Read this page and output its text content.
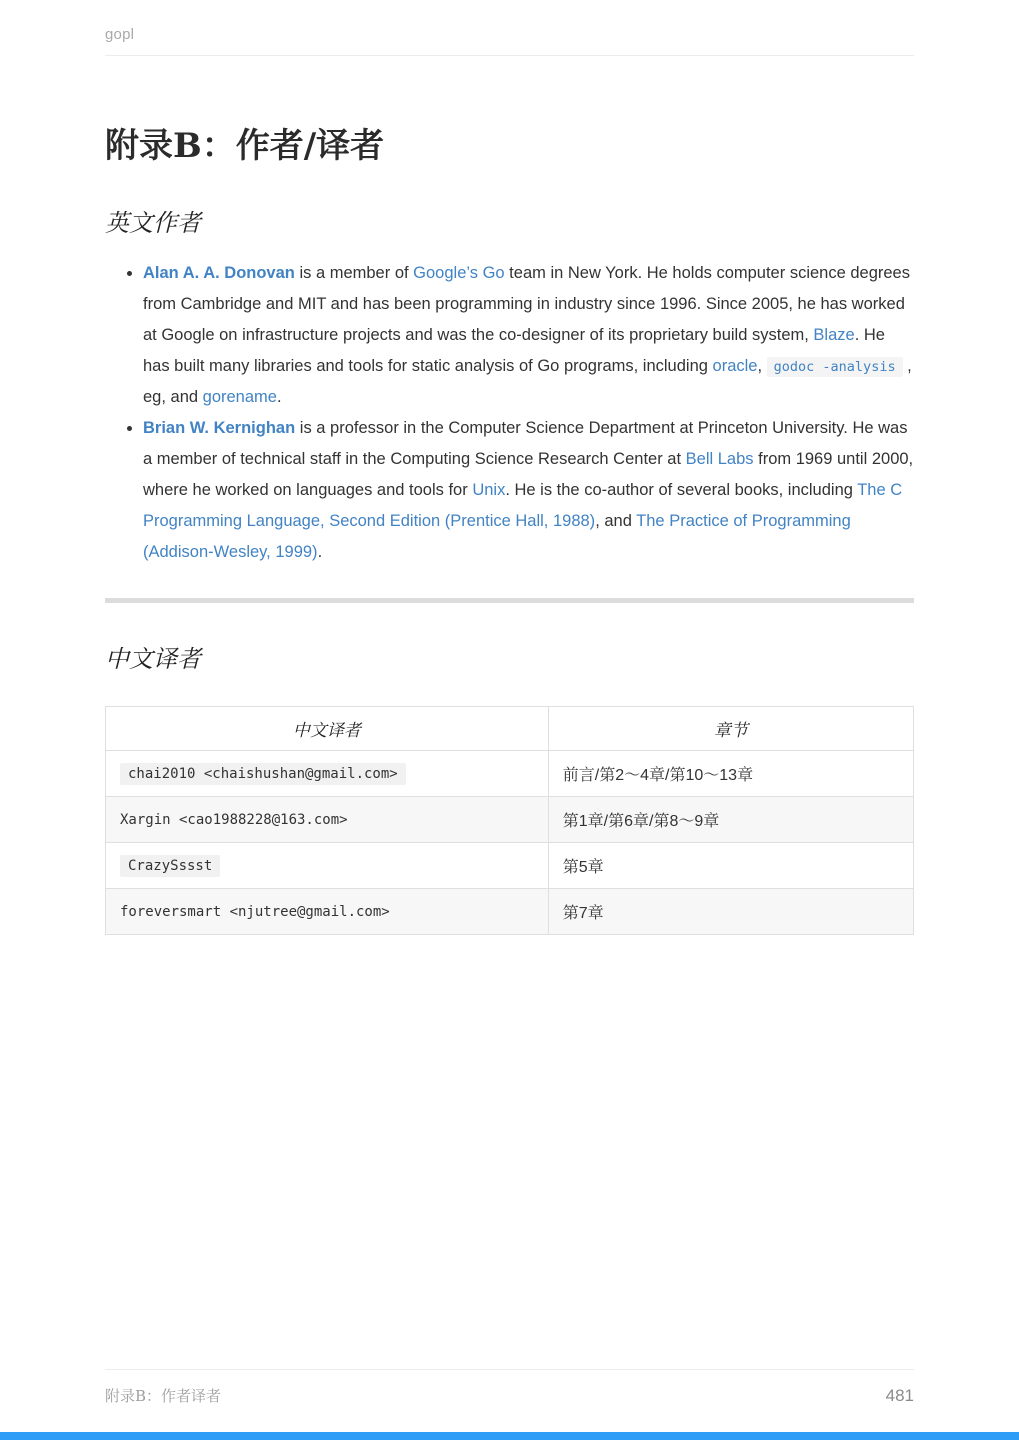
gopl
附录B：作者/译者
英文作者
• Alan A. A. Donovan is a member of Google’s Go team in New York. He holds computer science degrees from Cambridge and MIT and has been programming in industry since 1996. Since 2005, he has worked at Google on infrastructure projects and was the co-designer of its proprietary build system, Blaze. He has built many libraries and tools for static analysis of Go programs, including oracle, godoc -analysis , eg, and gorename.
• Brian W. Kernighan is a professor in the Computer Science Department at Princeton University. He was a member of technical staff in the Computing Science Research Center at Bell Labs from 1969 until 2000, where he worked on languages and tools for Unix. He is the co-author of several books, including The C Programming Language, Second Edition (Prentice Hall, 1988), and The Practice of Programming (Addison-Wesley, 1999).
中文译者
中文译者	章节
chai2010 <chaishushan@gmail.com>	前言/第2～4章/第10～13章
Xargin <cao1988228@163.com>	第1章/第6章/第8～9章
CrazySssst	第5章
foreversmart <njutree@gmail.com>	第7章
附录B：作者译者	481
